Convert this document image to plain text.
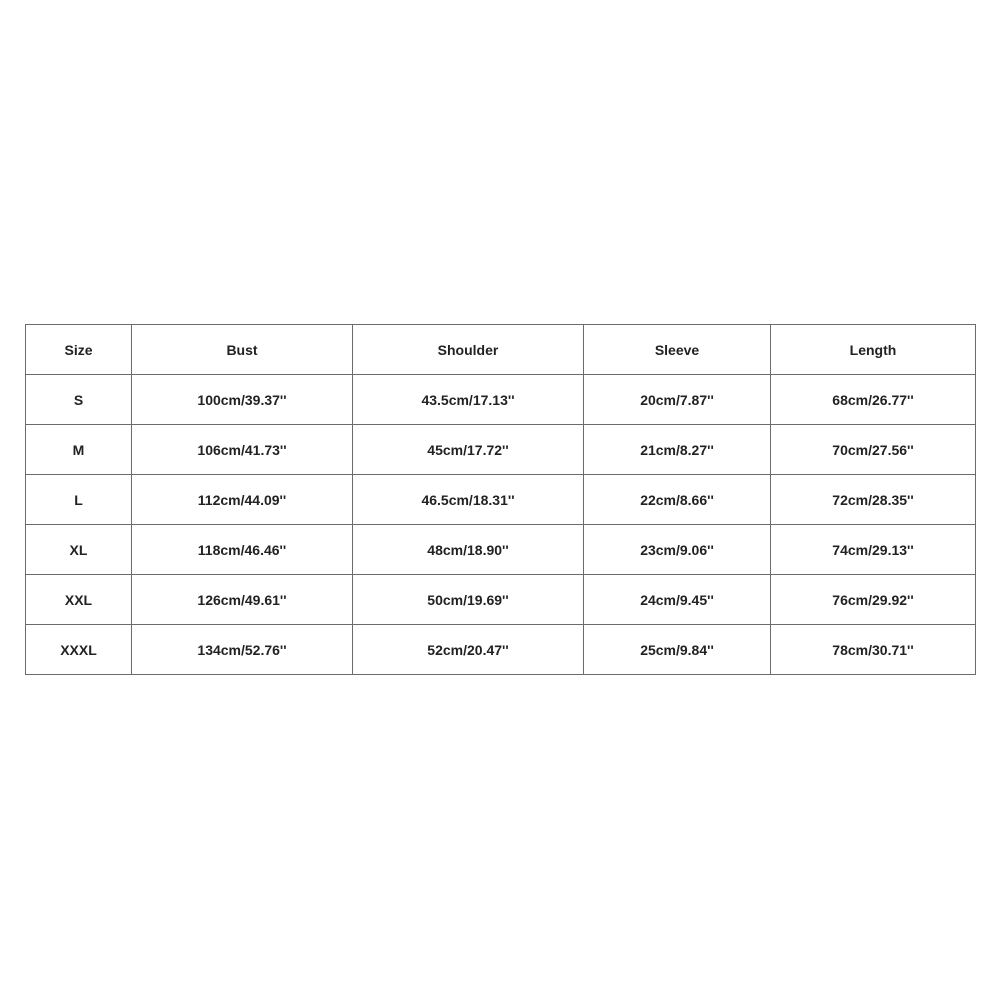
Size	Bust	Shoulder	Sleeve	Length
S	100cm/39.37''	43.5cm/17.13''	20cm/7.87''	68cm/26.77''
M	106cm/41.73''	45cm/17.72''	21cm/8.27''	70cm/27.56''
L	112cm/44.09''	46.5cm/18.31''	22cm/8.66''	72cm/28.35''
XL	118cm/46.46''	48cm/18.90''	23cm/9.06''	74cm/29.13''
XXL	126cm/49.61''	50cm/19.69''	24cm/9.45''	76cm/29.92''
XXXL	134cm/52.76''	52cm/20.47''	25cm/9.84''	78cm/30.71''
